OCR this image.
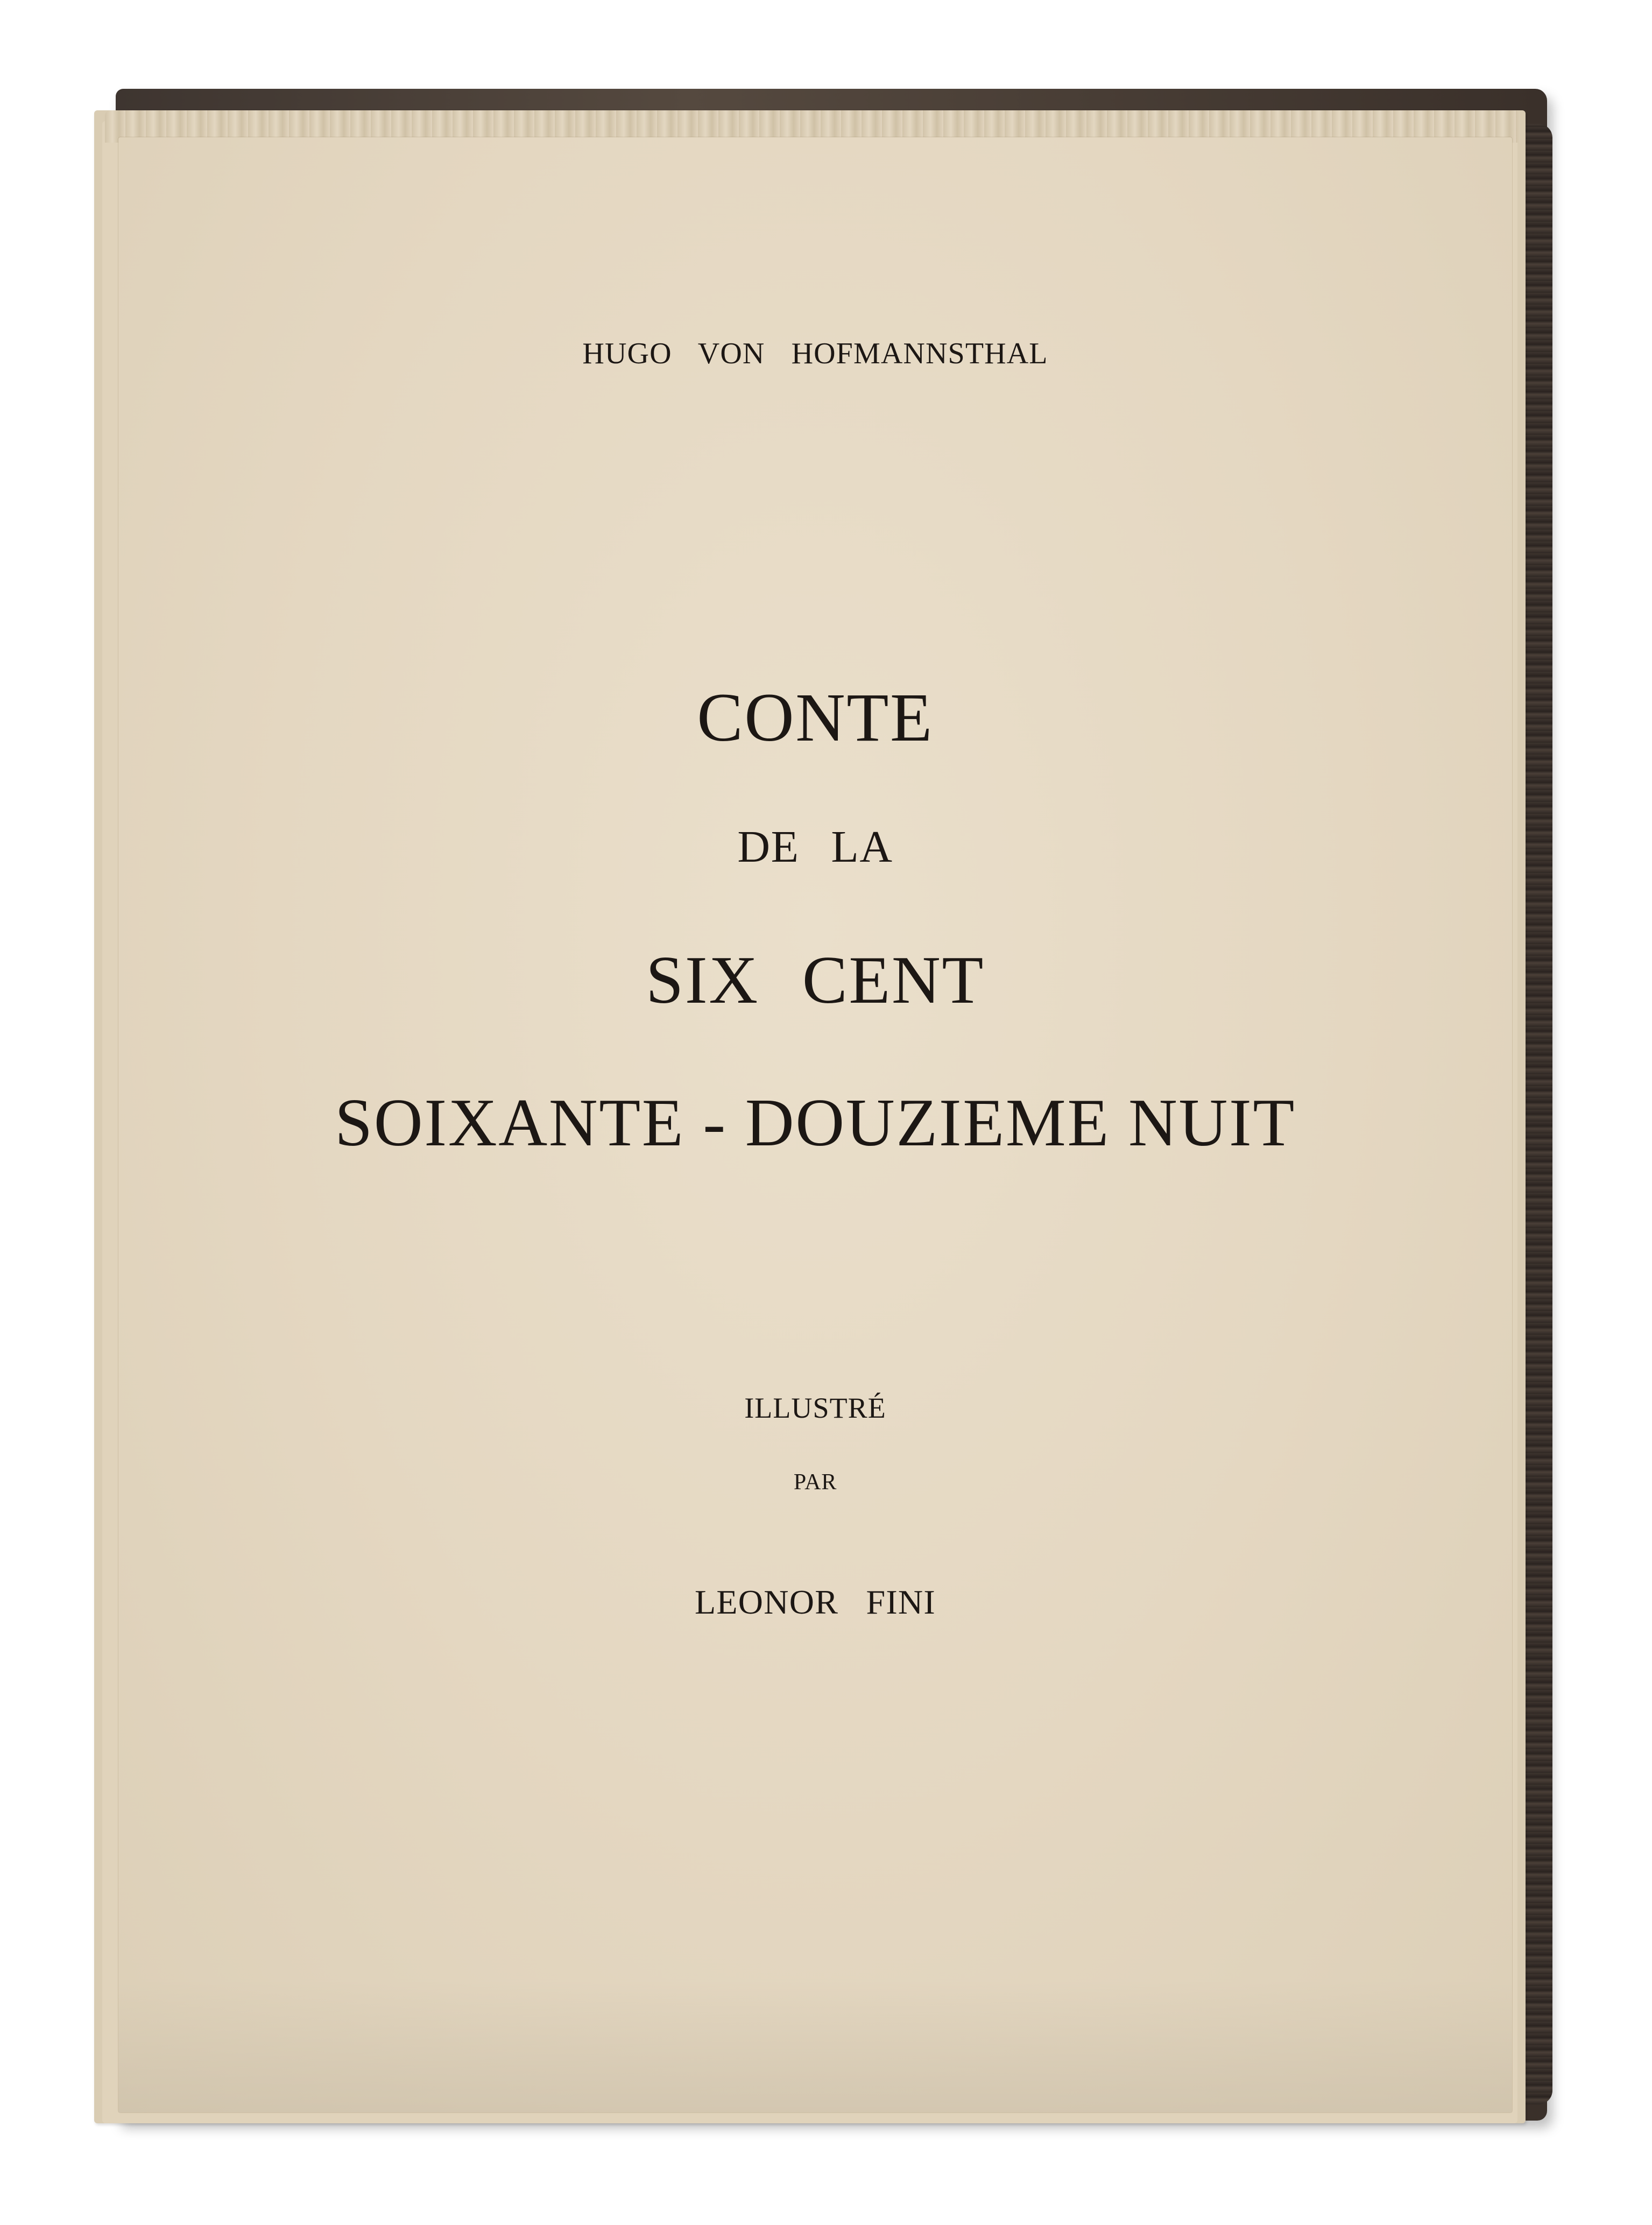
HUGO VON HOFMANNSTHAL
CONTE
DE LA
SIX CENT
SOIXANTE - DOUZIEME NUIT
ILLUSTRÉ
PAR
LEONOR FINI
